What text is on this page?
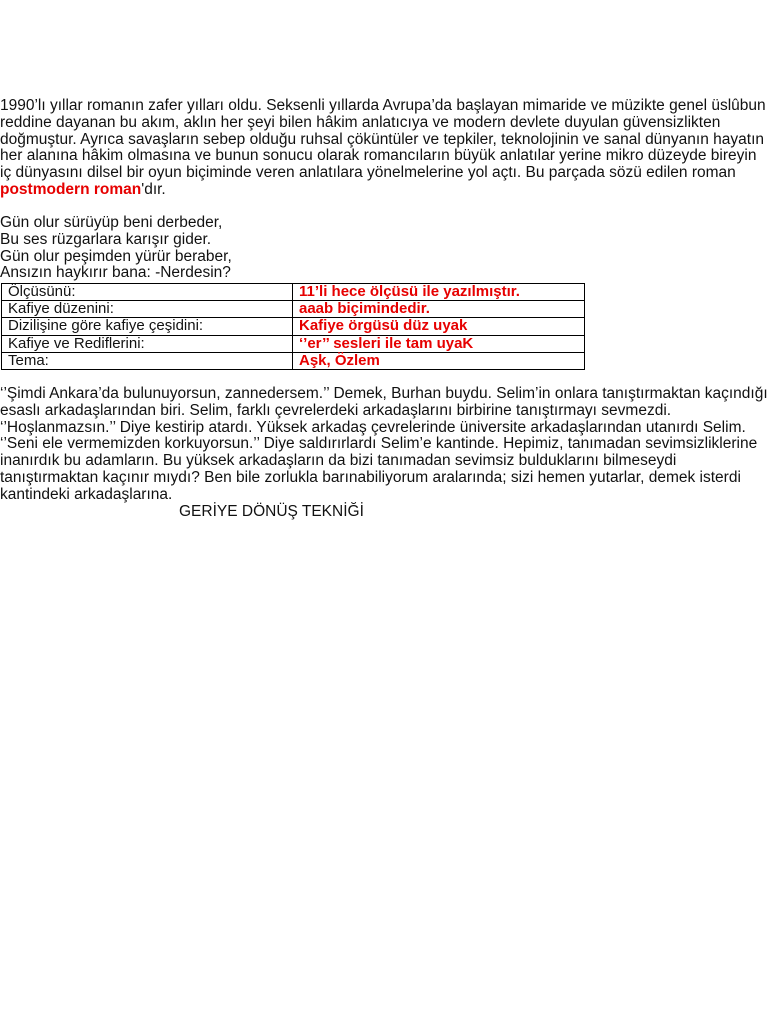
1990’lı yıllar romanın zafer yılları oldu. Seksenli yıllarda Avrupa’da başlayan mimaride ve müzikte genel üslûbun reddine dayanan bu akım, aklın her şeyi bilen hâkim anlatıcıya ve modern devlete duyulan güvensizlikten doğmuştur. Ayrıca savaşların sebep olduğu ruhsal çöküntüler ve tepkiler, teknolojinin ve sanal dünyanın hayatın her alanına hâkim olmasına ve bunun sonucu olarak romancıların büyük anlatılar yerine mikro düzeyde bireyin iç dünyasını dilsel bir oyun biçiminde veren anlatılara yönelmelerine yol açtı. Bu parçada sözü edilen roman postmodern roman'dır.
Gün olur sürüyüp beni derbeder,
Bu ses rüzgarlara karışır gider.
Gün olur peşimden yürür beraber,
Ansızın haykırır bana: -Nerdesin?
Ölçüsünü:	11’li hece ölçüsü ile yazılmıştır.
Kafiye düzenini:	aaab biçimindedir.
Dizilişine göre kafiye çeşidini:	Kafiye örgüsü düz uyak
Kafiye ve Rediflerini:	‘’er’’ sesleri ile tam uyaK
Tema:	Aşk, Özlem
‘’Şimdi Ankara’da bulunuyorsun, zannedersem.’’ Demek, Burhan buydu. Selim’in onlara tanıştırmaktan kaçındığı esaslı arkadaşlarından biri. Selim, farklı çevrelerdeki arkadaşlarını birbirine tanıştırmayı sevmezdi. ‘’Hoşlanmazsın.’’ Diye kestirip atardı. Yüksek arkadaş çevrelerinde üniversite arkadaşlarından utanırdı Selim. ‘’Seni ele vermemizden korkuyorsun.’’ Diye saldırırlardı Selim’e kantinde. Hepimiz, tanımadan sevimsizliklerine inanırdık bu adamların. Bu yüksek arkadaşların da bizi tanımadan sevimsiz bulduklarını bilmeseydi tanıştırmaktan kaçınır mıydı? Ben bile zorlukla barınabiliyorum aralarında; sizi hemen yutarlar, demek isterdi kantindeki arkadaşlarına.
GERİYE DÖNÜŞ TEKNİĞİ
